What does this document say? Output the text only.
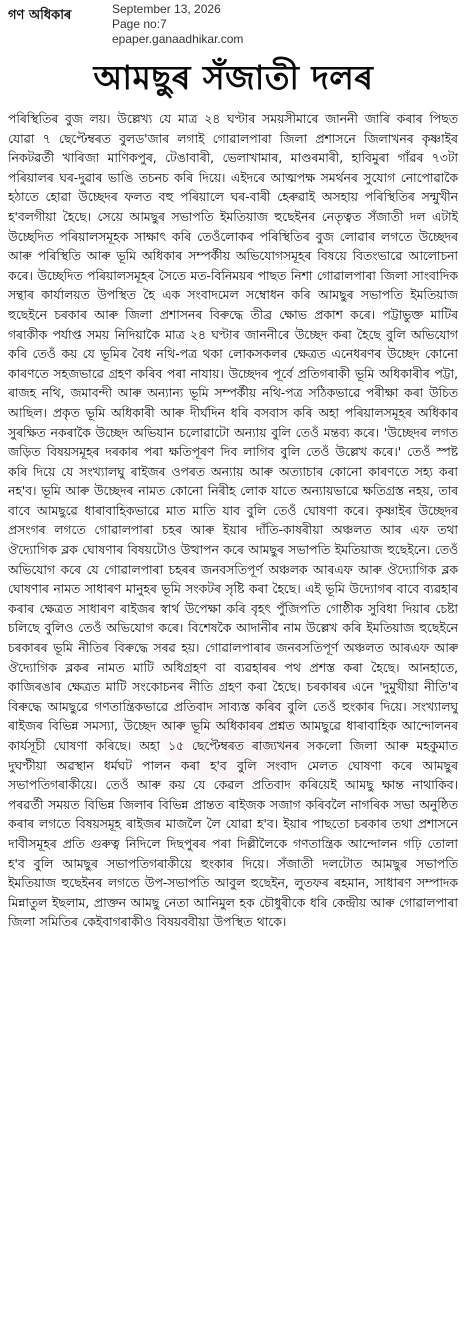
গণ অধিকাৰ	September 13, 2026
Page no:7
epaper.ganaadhikar.com
আমছুৰ সঁজাতী দলৰ

পৰিস্থিতিৰ বুজ লয়। উল্লেখ্য যে মাত্ৰ ২৪ ঘণ্টাৰ সময়সীমাৰে জাননী জাৰি কৰাৰ পিছত যোৱা ৭ ছেপ্টেম্বৰত বুলড'জাৰ লগাই গোৱালপাৰা জিলা প্ৰশাসনে জিলাখনৰ কৃষ্ণাইৰ নিকটৱৰ্তী খাৰিজা মাণিকপুৰ, টেঙাবাৰী, ভেলাখামাৰ, মাণ্ডৰমাৰী, হাবিমুৰা গাঁৱৰ ৭৩টা পৰিয়ালৰ ঘৰ-দুৱাৰ ভাঙি তচনচ কৰি দিয়ে। এইদৰে আত্মপক্ষ সমৰ্থনৰ সুযোগ নোপোৱাকৈ হঠাতে হোৱা উচ্ছেদৰ ফলত বহু পৰিয়ালে ঘৰ-বাৰী হেৰুৱাই অসহায় পৰিস্থিতিৰ সন্মুখীন হ'বলগীয়া হৈছে। সেয়ে আমছুৰ সভাপতি ইমতিয়াজ হুছেইনৰ নেতৃত্বত সঁজাতী দল এটাই উচ্ছেদিত পৰিয়ালসমূহক সাক্ষাৎ কৰি তেওঁলোকৰ পৰিস্থিতিৰ বুজ লোৱাৰ লগতে উচ্ছেদৰ আৰু পৰিস্থিতি আৰু ভূমি অধিকাৰ সম্পৰ্কীয় অভিযোগসমূহৰ বিষয়ে বিতংভাৱে আলোচনা কৰে। উচ্ছেদিত পৰিয়ালসমূহৰ সৈতে মত-বিনিময়ৰ পাছত নিশা গোৱালপাৰা জিলা সাংবাদিক সন্থাৰ কাৰ্যালয়ত উপস্থিত হৈ এক সংবাদমেল সম্বোধন কৰি আমছুৰ সভাপতি ইমতিয়াজ হুছেইনে চৰকাৰ আৰু জিলা প্ৰশাসনৰ বিৰুদ্ধে তীব্ৰ ক্ষোভ প্ৰকাশ কৰে। পট্টাভুক্ত মাটিৰ গৰাকীক পৰ্যাপ্ত সময় নিদিয়াকৈ মাত্ৰ ২৪ ঘণ্টাৰ জাননীৰে উচ্ছেদ কৰা হৈছে বুলি অভিযোগ কৰি তেওঁ কয় যে ভূমিৰ বৈধ নথি-পত্ৰ থকা লোকসকলৰ ক্ষেত্ৰত এনেধৰণৰ উচ্ছেদ কোনো কাৰণতে সহজভাৱে গ্ৰহণ কৰিব পৰা নাযায়। উচ্ছেদৰ পূৰ্বে প্ৰতিগৰাকী ভূমি অধিকাৰীৰ পট্টা, ৰাজহ নথি, জমাবন্দী আৰু অন্যান্য ভূমি সম্পৰ্কীয় নথি-পত্ৰ সঠিকভাৱে পৰীক্ষা কৰা উচিত আছিল। প্ৰকৃত ভূমি অধিকাৰী আৰু দীৰ্ঘদিন ধৰি বসবাস কৰি অহা পৰিয়ালসমূহৰ অধিকাৰ সুৰক্ষিত নকৰাকৈ উচ্ছেদ অভিযান চলোৱাটো অন্যায় বুলি তেওঁ মন্তব্য কৰে। 'উচ্ছেদৰ লগত জড়িত বিষয়সমূহৰ দৰকাৰ পৰা ক্ষতিপূৰণ দিব লাগিব বুলি তেওঁ উল্লেখ কৰে।' তেওঁ স্পষ্ট কৰি দিয়ে যে সংখ্যালঘু ৰাইজৰ ওপৰত অন্যায় আৰু অত্যাচাৰ কোনো কাৰণতে সহ্য কৰা নহ'ব। ভূমি আৰু উচ্ছেদৰ নামত কোনো নিৰীহ লোক যাতে অন্যায়ভাৱে ক্ষতিগ্ৰস্ত নহয়, তাৰ বাবে আমছুৱে ধাৰাবাহিকভাৱে মাত মাতি যাব বুলি তেওঁ ঘোষণা কৰে। কৃষ্ণাইৰ উচ্ছেদৰ প্ৰসংগৰ লগতে গোৱালপাৰা চহৰ আৰু ইয়াৰ দাঁতি-কাষৰীয়া অঞ্চলত আৰ এফ তথা ঔদ্যোগিক ব্লক ঘোষণাৰ বিষয়টোও উত্থাপন কৰে আমছুৰ সভাপতি ইমতিয়াজ হুছেইনে। তেওঁ অভিযোগ কৰে যে গোৱালপাৰা চহৰৰ জনবসতিপূৰ্ণ অঞ্চলক আৰএফ আৰু ঔদ্যোগিক ব্লক ঘোষণাৰ নামত সাধাৰণ মানুহৰ ভূমি সংকটৰ সৃষ্টি কৰা হৈছে। এই ভূমি উদ্যোগৰ বাবে ব্যৱহাৰ কৰাৰ ক্ষেত্ৰত সাধাৰণ ৰাইজৰ স্বাৰ্থ উপেক্ষা কৰি বৃহৎ পুঁজিপতি গোষ্ঠীক সুবিধা দিয়াৰ চেষ্টা চলিছে বুলিও তেওঁ অভিযোগ কৰে। বিশেষকৈ আদানীৰ নাম উল্লেখ কৰি ইমতিয়াজ হুছেইনে চৰকাৰৰ ভূমি নীতিৰ বিৰুদ্ধে সৰৱ হয়। গোৱালপাৰাৰ জনবসতিপূৰ্ণ অঞ্চলত আৰএফ আৰু ঔদ্যোগিক ব্লকৰ নামত মাটি অধিগ্ৰহণ বা ব্যৱহাৰৰ পথ প্ৰশস্ত কৰা হৈছে। আনহাতে, কাজিৰঙাৰ ক্ষেত্ৰত মাটি সংকোচনৰ নীতি গ্ৰহণ কৰা হৈছে। চৰকাৰৰ এনে 'দুমুখীয়া নীতি'ৰ বিৰুদ্ধে আমছুৱে গণতান্ত্ৰিকভাৱে প্ৰতিবাদ সাব্যস্ত কৰিব বুলি তেওঁ হুংকাৰ দিয়ে। সংখ্যালঘু ৰাইজৰ বিভিন্ন সমস্যা, উচ্ছেদ আৰু ভূমি অধিকাৰৰ প্ৰশ্নত আমছুৱে ধাৰাবাহিক আন্দোলনৰ কাৰ্যসূচী ঘোষণা কৰিছে। অহা ১৫ ছেপ্টেম্বৰত ৰাজ্যখনৰ সকলো জিলা আৰু মহকুমাত দুঘণ্টীয়া অৱস্থান ধৰ্মঘট পালন কৰা হ'ব বুলি সংবাদ মেলত ঘোষণা কৰে আমছুৰ সভাপতিগৰাকীয়ে। তেওঁ আৰু কয় যে কেৱল প্ৰতিবাদ কৰিয়েই আমছু ক্ষান্ত নাথাকিব। পৰৱৰ্তী সময়ত বিভিন্ন জিলাৰ বিভিন্ন প্ৰান্তত ৰাইজক সজাগ কৰিবলৈ নাগৰিক সভা অনুষ্ঠিত কৰাৰ লগতে বিষয়সমূহ ৰাইজৰ মাজলৈ লৈ যোৱা হ'ব। ইয়াৰ পাছতো চৰকাৰ তথা প্ৰশাসনে দাবীসমূহৰ প্ৰতি গুৰুত্ব নিদিলে দিছপুৰৰ পৰা দিল্লীলৈকে গণতান্ত্ৰিক আন্দোলন গঢ়ি তোলা হ'ব বুলি আমছুৰ সভাপতিগৰাকীয়ে হুংকাৰ দিয়ে। সঁজাতী দলটোত আমছুৰ সভাপতি ইমতিয়াজ হুছেইনৰ লগতে উপ-সভাপতি আবুল হুছেইন, লুতফৰ ৰহমান, সাধাৰণ সম্পাদক মিন্নাতুল ইছলাম, প্ৰাক্তন আমছু নেতা আনিমুল হক চৌধুৰীকে ধৰি কেন্দ্ৰীয় আৰু গোৱালপাৰা জিলা সমিতিৰ কেইবাগৰাকীও বিষয়ববীয়া উপস্থিত থাকে।
